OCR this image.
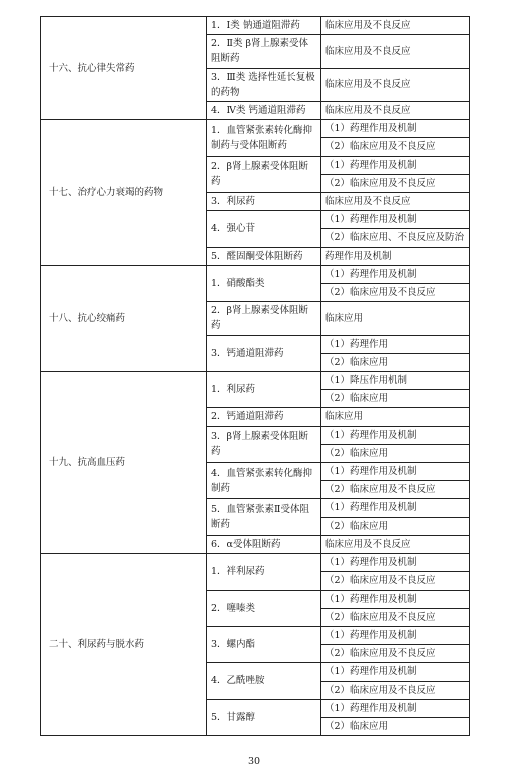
十六、抗心律失常药	1．Ⅰ类 钠通道阻滞药	临床应用及不良反应
	2．Ⅱ类 β肾上腺素受体阻断药	临床应用及不良反应
	3．Ⅲ类 选择性延长复极的药物	临床应用及不良反应
	4．Ⅳ类 钙通道阻滞药	临床应用及不良反应
十七、治疗心力衰竭的药物	1．血管紧张素转化酶抑制药与受体阻断药	（1）药理作用及机制
		（2）临床应用及不良反应
	2．β肾上腺素受体阻断药	（1）药理作用及机制
		（2）临床应用及不良反应
	3．利尿药	临床应用及不良反应
	4．强心苷	（1）药理作用及机制
		（2）临床应用、不良反应及防治
	5．醛固酮受体阻断药	药理作用及机制
十八、抗心绞痛药	1．硝酸酯类	（1）药理作用及机制
		（2）临床应用及不良反应
	2．β肾上腺素受体阻断药	临床应用
	3．钙通道阻滞药	（1）药理作用
		（2）临床应用
十九、抗高血压药	1．利尿药	（1）降压作用机制
		（2）临床应用
	2．钙通道阻滞药	临床应用
	3．β肾上腺素受体阻断药	（1）药理作用及机制
		（2）临床应用
	4．血管紧张素转化酶抑制药	（1）药理作用及机制
		（2）临床应用及不良反应
	5．血管紧张素Ⅱ受体阻断药	（1）药理作用及机制
		（2）临床应用
	6．α受体阻断药	临床应用及不良反应
二十、利尿药与脱水药	1．袢利尿药	（1）药理作用及机制
		（2）临床应用及不良反应
	2．噻嗪类	（1）药理作用及机制
		（2）临床应用及不良反应
	3．螺内酯	（1）药理作用及机制
		（2）临床应用及不良反应
	4．乙酰唑胺	（1）药理作用及机制
		（2）临床应用及不良反应
	5．甘露醇	（1）药理作用及机制
		（2）临床应用
30
